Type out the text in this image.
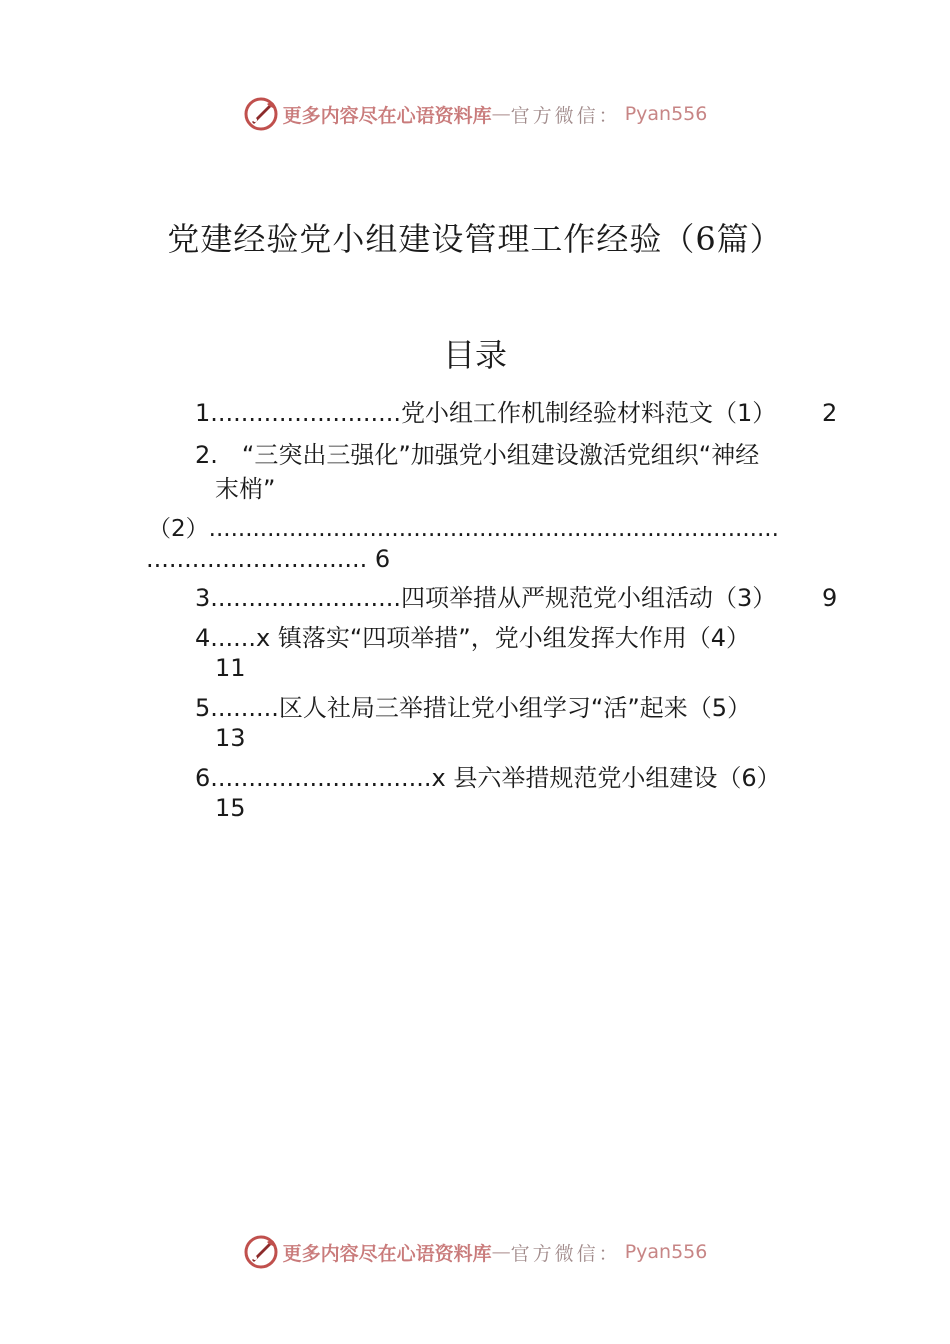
更多内容尽在心语资料库 — 官方微信： Pyan556
党建经验党小组建设管理工作经验（6篇）
目录
1.........................党小组工作机制经验材料范文（1） 2
2.　“三突出三强化”加强党小组建设激活党组织“神经
末梢”
（2）..............................................................................
............................. 6
3.........................四项举措从严规范党小组活动（3） 9
4......x 镇落实“四项举措”，党小组发挥大作用（4）
11
5.........区人社局三举措让党小组学习“活”起来（5）
13
6.............................x 县六举措规范党小组建设（6）
15
更多内容尽在心语资料库 — 官方微信： Pyan556
